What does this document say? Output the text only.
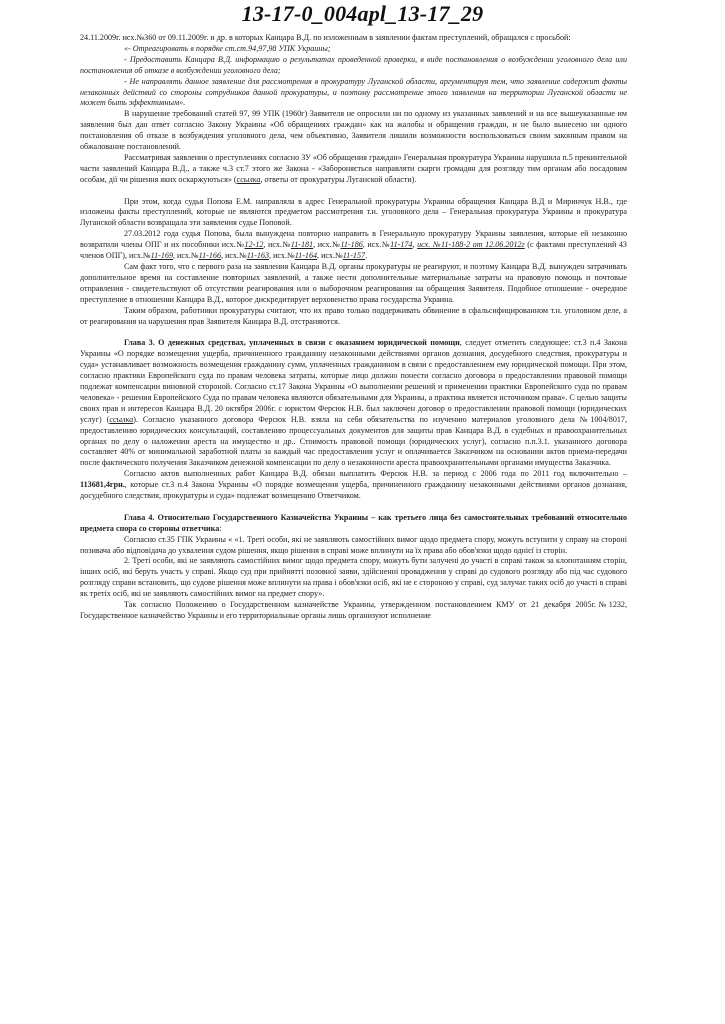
13-17-0_004apl_13-17_29

24.11.2009г. исх.№360 от 09.11.2009г. и др. в которых Канцара В.Д. по изложенным в заявлении фактам преступлений, обращался с просьбой:

«- Отреагировать в порядке ст.ст.94,97,98 УПК Украины;

- Предоставить Канцара В.Д. информацию о результатах проведенной проверки, в виде постановления о возбуждении уголовного дела или постановления об отказе в возбуждении уголовного дела;

- Не направлять данное заявление для рассмотрения в прокуратуру Луганской области, аргументируя тем, что заявление содержит факты незаконных действий со стороны сотрудников данной прокуратуры, и поэтому рассмотрение этого заявления на территории Луганской области не может быть эффективным».

В нарушение требований статей 97, 99 УПК (1960г) Заявителя не опросили ни по одному из указанных заявлений и на все вышеуказанные им заявления был дан ответ согласно Закону Украины «Об обращениях граждан» как на жалобы и обращения граждан, и не было вынесено ни одного постановления об отказе в возбуждения уголовного дела, чем объективно, Заявителя лишили возможности воспользоваться своим законным правом на обжалование постановлений.

Рассматривая заявления о преступлениях согласно ЗУ «Об обращения граждан» Генеральная прокуратура Украины нарушила п.5 прекинтельной части заявлений Канцара В.Д., а также ч.3 ст.7 этого же Закона - «Забороняється направляти скарги громадян для розгляду тим органам або посадовим особам, дії чи рішення яких оскаржуються» (ссылка, ответы от прокуратуры Луганской области).

При этом, когда судья Попова Е.М. направляла в адрес Генеральной прокуратуры Украины обращения Канцара В.Д и Миринчук Н.В., где изложены факты преступлений, которые не являются предметом рассмотрения т.н. уголовного дела – Генеральная прокуратура Украины и прокуратура Луганской области возвращала эти заявления судье Поповой.

27.03.2012 года судья Попова, была вынуждена повторно направить в Генеральную прокуратуру Украины заявления, которые ей незаконно возвратили члены ОПГ и их пособники исх.№12-12, исх.№11-181, исх.№11-186, исх.№11-174, исх. №11-188-2 от 12.06.2012г (с фактами преступлений 43 членов ОПГ), исх.№11-169, исх.№11-166, исх.№11-163, исх.№11-164, исх.№11-157.

Сам факт того, что с первого раза на заявления Канцара В.Д. органы прокуратуры не реагируют, и поэтому Канцара В.Д. вынужден затрачивать дополнительное время на составление повторных заявлений, а также нести дополнительные материальные затраты на правовую помощь и почтовые отправления - свидетельствуют об отсутствии реагирования или о выборочном реагирования на обращения Заявителя. Подобное отношение - очередное преступление в отношении Канцара В.Д., которое дискредитирует верховенство права государства Украина.

Таким образом, работники прокуратуры считают, что их право только поддерживать обвинение в сфальсифицированном т.н. уголовном деле, а от реагирования на нарушения прав Заявителя Канцара В.Д. отстраняются.

Глава 3. О денежных средствах, уплаченных в связи с оказанием юридической помощи, следует отметить следующее: ст.3 п.4 Закона Украины «О порядке возмещения ущерба, причиненного гражданину незаконными действиями органов дознания, досудебного следствия, прокуратуры и суда» устанавливает возможность возмещения гражданину сумм, уплаченных гражданином в связи с предоставлением ему юридической помощи. При этом, согласно практики Европейского суда по правам человека затраты, которые лицо должно понести согласно договора о предоставлении правовой помощи подлежат компенсации виновной стороной. Согласно ст.17 Закона Украины «О выполнении решений и применении практики Европейского суда по правам человека» - решения Европейского Суда по правам человека являются обязательными для Украины, а практика является источником права». С целью защиты своих прав и интересов Канцара В.Д. 20 октября 2006г. с юристом Ферсюк Н.В. был заключен договор о предоставлении правовой помощи (юридических услуг) (ссылка). Согласно указанного договора Ферсюк Н.В. взяла на себя обязательства по изучению материалов уголовного дела №1004/8017, предоставлению юридических консультаций, составлению процессуальных документов для защиты прав Канцара В.Д. в судебных и правоохранительных органах по делу о наложении ареста на имущество и др.. Стоимость правовой помощи (юридических услуг), согласно п.п.3.1. указанного договора составляет 40% от минимальной заработной платы за каждый час предоставления услуг и оплачивается Заказчиком на основании актов приема-передачи после фактического получения Заказчиком денежной компенсации по делу о незаконности ареста правоохранительными органами имущества Заказчика.

Согласно актов выполненных работ Канцара В.Д. обязан выплатить Ферсюк Н.В. за период с 2006 года по 2011 год включительно – 113681,4грн., которые ст.3 п.4 Закона Украины «О порядке возмещения ущерба, причиненного гражданину незаконными действиями органов дознания, досудебного следствия, прокуратуры и суда» подлежат возмещению Ответчиком.

Глава 4. Относительно Государственного Казначейства Украины – как третьего лица без самостоятельных требований относительно предмета спора со стороны ответчика:

Согласно ст.35 ГПК Украины « «1. Треті особи, які не заявляють самостійних вимог щодо предмета спору, можуть вступити у справу на стороні позивача або відповідача до ухвалення судом рішення, якщо рішення в справі може вплинути на їх права або обов'язки щодо однієї із сторін.

2. Треті особи, які не заявляють самостійних вимог щодо предмета спору, можуть бути залучені до участі в справі також за клопотанням сторін, інших осіб, які беруть участь у справі. Якщо суд при прийнятті позовної заяви, здійсненні провадження у справі до судового розгляду або під час судового розгляду справи встановить, що судове рішення може вплинути на права і обов'язки осіб, які не є стороною у справі, суд залучає таких осіб до участі в справі як третіх осіб, які не заявляють самостійних вимог на предмет спору».

Так согласно Положению о Государственном казначействе Украины, утвержденном постановлением КМУ от 21 декабря 2005г.№1232, Государственное казначейство Украины и его территориальные органы лишь организуют исполнение
